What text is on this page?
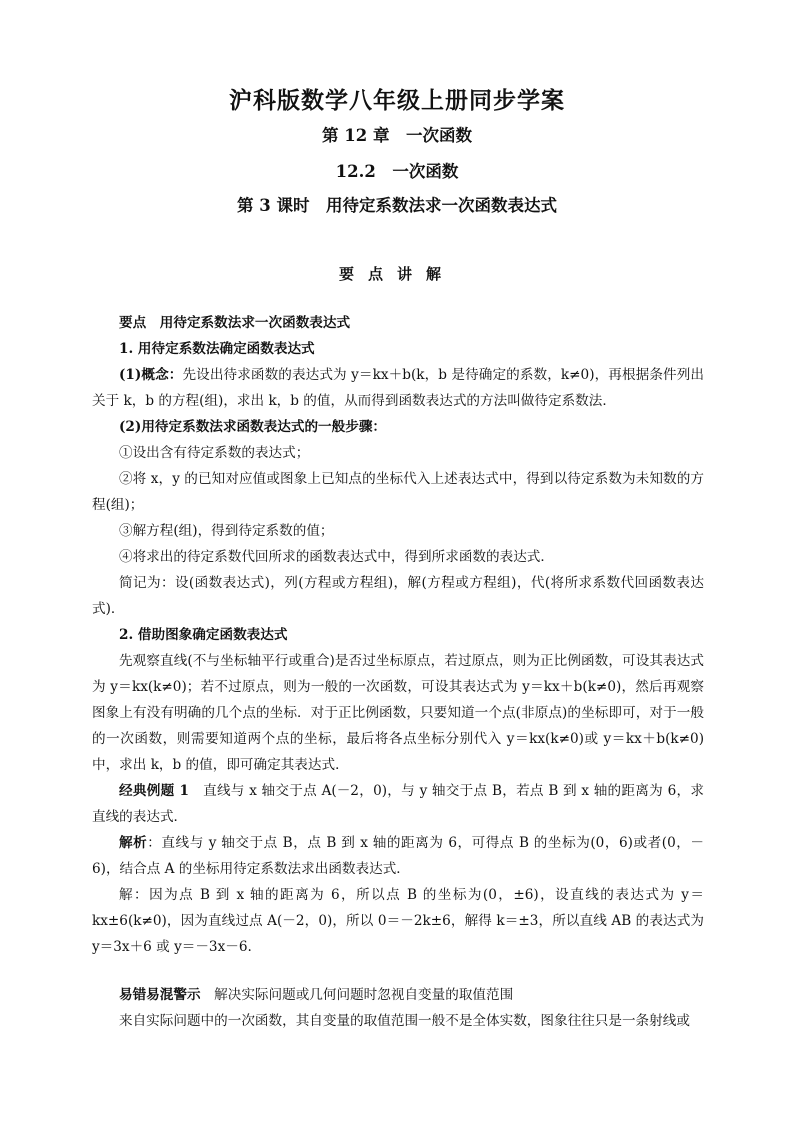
沪科版数学八年级上册同步学案
第 12 章　一次函数
12.2　一次函数
第 3 课时　用待定系数法求一次函数表达式
要点讲解

要点　用待定系数法求一次函数表达式

1. 用待定系数法确定函数表达式

(1)概念：先设出待求函数的表达式为 y＝kx＋b(k，b 是待确定的系数，k≠0)，再根据条件列出关于 k，b 的方程(组)，求出 k，b 的值，从而得到函数表达式的方法叫做待定系数法．

(2)用待定系数法求函数表达式的一般步骤：

①设出含有待定系数的表达式；

②将 x，y 的已知对应值或图象上已知点的坐标代入上述表达式中，得到以待定系数为未知数的方程(组)；

③解方程(组)，得到待定系数的值；

④将求出的待定系数代回所求的函数表达式中，得到所求函数的表达式．

简记为：设(函数表达式)，列(方程或方程组)，解(方程或方程组)，代(将所求系数代回函数表达式)．

2. 借助图象确定函数表达式

先观察直线(不与坐标轴平行或重合)是否过坐标原点，若过原点，则为正比例函数，可设其表达式为 y＝kx(k≠0)；若不过原点，则为一般的一次函数，可设其表达式为 y＝kx＋b(k≠0)，然后再观察图象上有没有明确的几个点的坐标．对于正比例函数，只要知道一个点(非原点)的坐标即可，对于一般的一次函数，则需要知道两个点的坐标，最后将各点坐标分别代入 y＝kx(k≠0)或 y＝kx＋b(k≠0)中，求出 k，b 的值，即可确定其表达式．

经典例题 1　直线与 x 轴交于点 A(－2，0)，与 y 轴交于点 B，若点 B 到 x 轴的距离为 6，求直线的表达式．

解析：直线与 y 轴交于点 B，点 B 到 x 轴的距离为 6，可得点 B 的坐标为(0，6)或者(0，－6)，结合点 A 的坐标用待定系数法求出函数表达式．

解：因为点 B 到 x 轴的距离为 6，所以点 B 的坐标为(0，±6)，设直线的表达式为 y＝kx±6(k≠0)，因为直线过点 A(－2，0)，所以 0＝－2k±6，解得 k＝±3，所以直线 AB 的表达式为 y＝3x＋6 或 y＝－3x－6.

易错易混警示　解决实际问题或几何问题时忽视自变量的取值范围

来自实际问题中的一次函数，其自变量的取值范围一般不是全体实数，图象往往只是一条射线或
